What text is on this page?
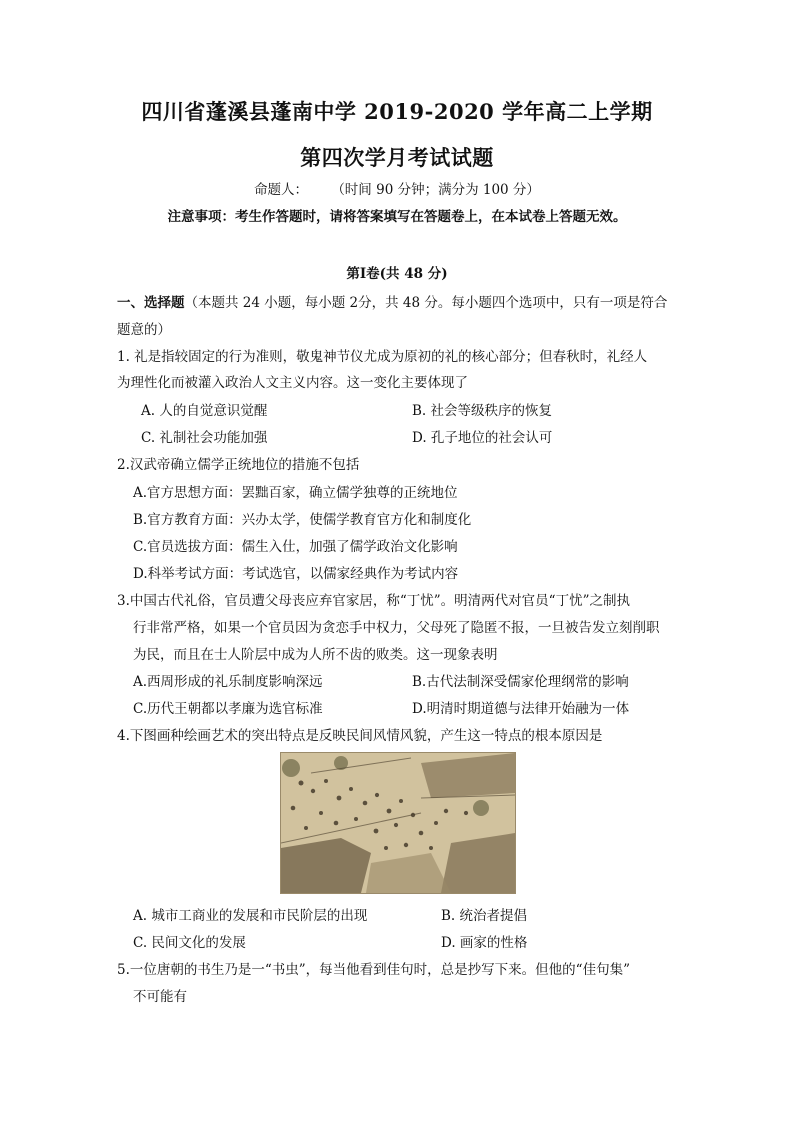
四川省蓬溪县蓬南中学 2019-2020 学年高二上学期
第四次学月考试试题
命题人： （时间 90 分钟；满分为 100 分）
注意事项：考生作答题时，请将答案填写在答题卷上，在本试卷上答题无效。
第Ⅰ卷(共 48 分)
一、选择题（本题共 24 小题，每小题 2分，共 48 分。每小题四个选项中，只有一项是符合
题意的）
1. 礼是指较固定的行为准则，敬鬼神节仪尤成为原初的礼的核心部分；但春秋时，礼经人
为理性化而被灌入政治人文主义内容。这一变化主要体现了
A. 人的自觉意识觉醒	B. 社会等级秩序的恢复
C. 礼制社会功能加强	D. 孔子地位的社会认可
2.汉武帝确立儒学正统地位的措施不包括
A.官方思想方面：罢黜百家，确立儒学独尊的正统地位
B.官方教育方面：兴办太学，使儒学教育官方化和制度化
C.官员选拔方面：儒生入仕，加强了儒学政治文化影响
D.科举考试方面：考试选官，以儒家经典作为考试内容
3.中国古代礼俗，官员遭父母丧应弃官家居，称“丁忧”。明清两代对官员“丁忧”之制执
行非常严格，如果一个官员因为贪恋手中权力，父母死了隐匿不报，一旦被告发立刻削职
为民，而且在士人阶层中成为人所不齿的败类。这一现象表明
A.西周形成的礼乐制度影响深远	B.古代法制深受儒家伦理纲常的影响
C.历代王朝都以孝廉为选官标准	D.明清时期道德与法律开始融为一体
4.下图画种绘画艺术的突出特点是反映民间风情风貌，产生这一特点的根本原因是
A. 城市工商业的发展和市民阶层的出现	B. 统治者提倡
C. 民间文化的发展	D. 画家的性格
5.一位唐朝的书生乃是一“书虫”，每当他看到佳句时，总是抄写下来。但他的“佳句集”
不可能有
